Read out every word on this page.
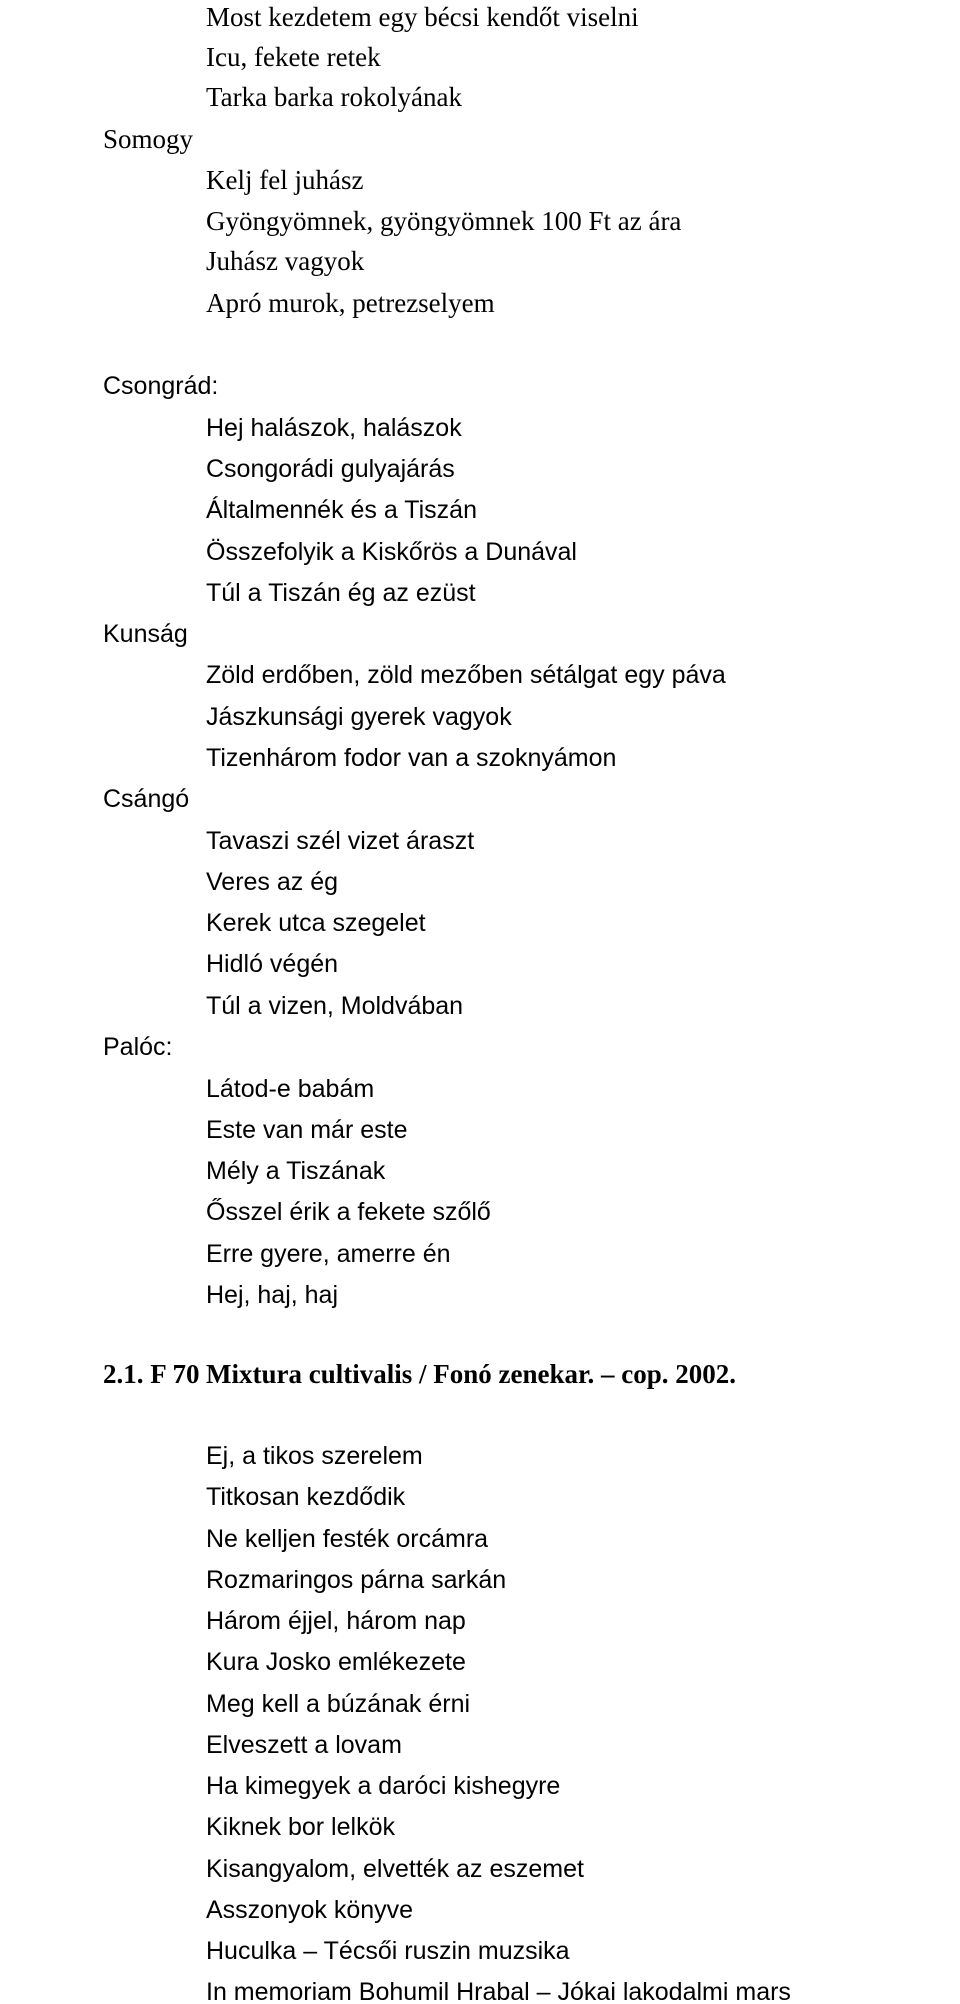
Most kezdetem egy bécsi kendőt viselni
Icu, fekete retek
Tarka barka rokolyának
Somogy
Kelj fel juhász
Gyöngyömnek, gyöngyömnek 100 Ft az ára
Juhász vagyok
Apró murok, petrezselyem
Csongrád:
Hej halászok, halászok
Csongorádi gulyajárás
Általmennék és a Tiszán
Összefolyik a Kiskőrös a Dunával
Túl a Tiszán ég az ezüst
Kunság
Zöld erdőben, zöld mezőben sétálgat egy páva
Jászkunsági gyerek vagyok
Tizenhárom fodor van a szoknyámon
Csángó
Tavaszi szél vizet áraszt
Veres az ég
Kerek utca szegelet
Hidló végén
Túl a vizen, Moldvában
Palóc:
Látod-e babám
Este van már este
Mély a Tiszának
Ősszel érik a fekete szőlő
Erre gyere, amerre én
Hej, haj, haj
2.1. F 70 Mixtura cultivalis / Fonó zenekar. – cop. 2002.
Ej, a tikos szerelem
Titkosan kezdődik
Ne kelljen festék orcámra
Rozmaringos párna sarkán
Három éjjel, három nap
Kura Josko emlékezete
Meg kell a búzának érni
Elveszett a lovam
Ha kimegyek a daróci kishegyre
Kiknek bor lelkök
Kisangyalom, elvették az eszemet
Asszonyok könyve
Huculka – Técsői ruszin muzsika
In memoriam Bohumil Hrabal – Jókai lakodalmi mars
